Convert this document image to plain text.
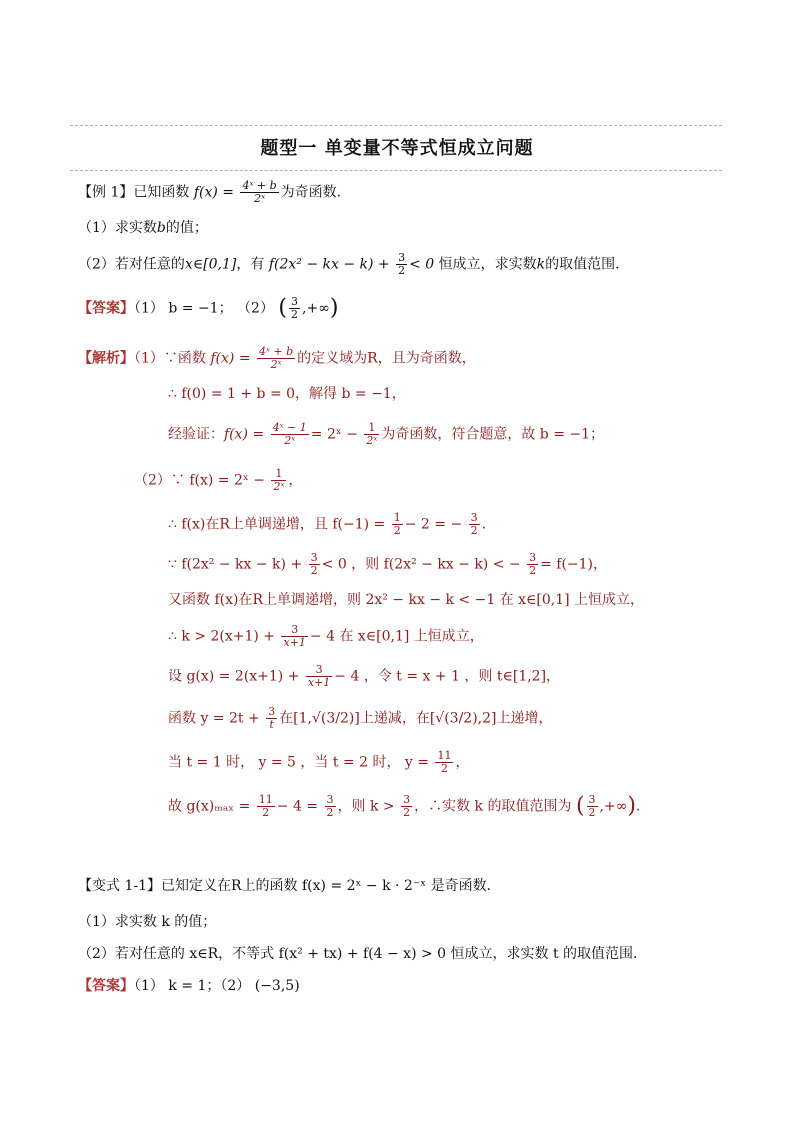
题型一 单变量不等式恒成立问题
【例 1】已知函数 $f(x) = \frac{\text{4ˣ + b}}{\text{2ˣ}}$ 为奇函数．
（1）求实数b的值；
（2）若对任意的x∈[0,1]，有 f(2x² − kx − $k) + \frac{3}{2} < 0$ 恒成立，求实数k的取值范围．
【答案】（1） b = −1； （2） ( $\frac{3}{2}$ ,+∞)
【解析】（1）∵函数 $f(x) = \frac{\text{4ˣ + b}}{\text{2ˣ}}$ 的定义域为R，且为奇函数，
∴ f(0) = 1 + b = 0，解得 b = −1，
经验证：$f(x) = \frac{\text{4ˣ − 1}}{\text{2ˣ}}$ = 2ˣ − $\frac{1}{\text{2ˣ}}$ 为奇函数，符合题意，故 b = −1；
（2）∵ f(x) = 2ˣ − $\frac{1}{\text{2ˣ}}$ ，
∴ f(x)在R上单调递增，且 $f(-1) = \frac{1}{2} - 2$ = − $\frac{3}{2}$ ．
∵ f(2x² − kx − $k) + \frac{3}{2} < 0$ ，则 f(2x² − kx − k) < − $\frac{3}{2} = f(-1)$，
又函数 f(x)在R上单调递增，则 2x² − kx − k < −1 在 x∈[0,1] 上恒成立，
∴ $k > 2(x+1) + \frac{3}{x+1} - 4$ 在 x∈[0,1] 上恒成立，
设 $g(x) = 2(x+1) + \frac{3}{x+1} - 4$ ，令 t = x + 1 ，则 t∈[1,2]，
函数 $y = 2t + \frac{3}{t}$ 在[1,√(3/2)]上递减，在[√(3/2),2]上递增，
当 t = 1 时， y = 5 ，当 t = 2 时， $y = \frac{11}{2}$ ，
故 $g(x)_{max} = \frac{11}{2} - 4 = \frac{3}{2}$ ，则 $k > \frac{3}{2}$ ，∴实数 k 的取值范围为 ( $\frac{3}{2}$ ,+∞)．
【变式 1-1】已知定义在R上的函数 f(x) = 2ˣ − k · 2⁻ˣ 是奇函数．
（1）求实数 k 的值；
（2）若对任意的 x∈R，不等式 f(x² + tx) + f(4 − x) > 0 恒成立，求实数 t 的取值范围．
【答案】（1） k = 1；（2） (−3,5)
